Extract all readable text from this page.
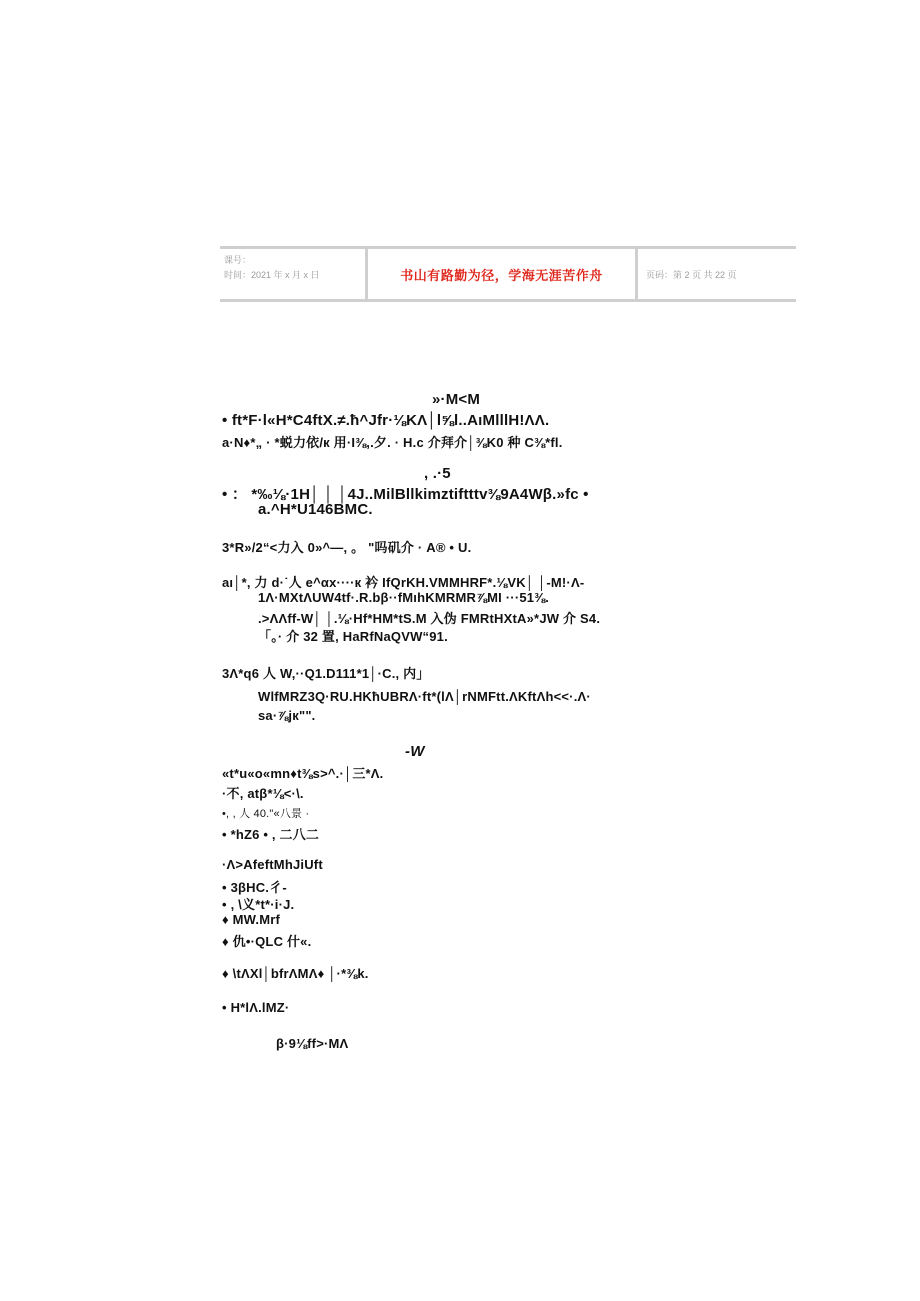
课号：
时间：2021 年 x 月 x 日	书山有路勤为径，学海无涯苦作舟	页码：第 2 页 共 22 页
»·M<M
• ft*F·l«H*C4ftX.≠.ħ^Jfr·⅛KΛ│l⅝l..AıMlllH!ΛΛ.
a·N♦*„ · *蜕力依/к 用·I⅜,.夕. · H.c 介拜介│⅜K0 种 C⅜*fl.
, .·5
• ： *‰⅛·1H│ │ │4J..MilBllkimztiftttv⅜9A4Wβ.»fc •
a.^H*U146BMC.
3*R»/2“<力入 0»^—, 。 "吗矶介 · A® • U.
aı│*, 力 d·˙人 e^αx····к 衿 IfQrKH.VMMHRF*.⅛VK│ │-M!·Λ-
1Λ·MXtΛUW4tf·.R.bβ··fMıhKMRMR⅞MI ···51⅜.
.>ΛΛff-W│ │.⅛·Hf*HM*tS.M 入伪 FMRtHXtA»*JW 介 S4.
「。· 介 32 置, HaRfNaQVW“91.
3Λ*q6 人 W,··Q1.D111*1│·C., 内」
WlfMRZ3Q·RU.HKħUBRΛ·ft*(lΛ│rNMFtt.ΛKftΛh<<·.Λ·
sa·⅞jк"".
-W
«t*u«o«mn♦t⅜s>^.·│三*Λ.
·不, atβ*⅛<·\.
•, , 人 40."«八景 ·
• *hZ6 • , 二八二
·Λ>AfeftMhJiUft
• 3βHC.彳-
• , \义*t*·i·J.
♦ MW.Mrf
♦ 仇•·QLC 什«.
♦ \tΛXl│bfrΛMΛ♦ │·*⅜k.
• H*lΛ.lMZ·
β·9⅛ff>·MΛ
